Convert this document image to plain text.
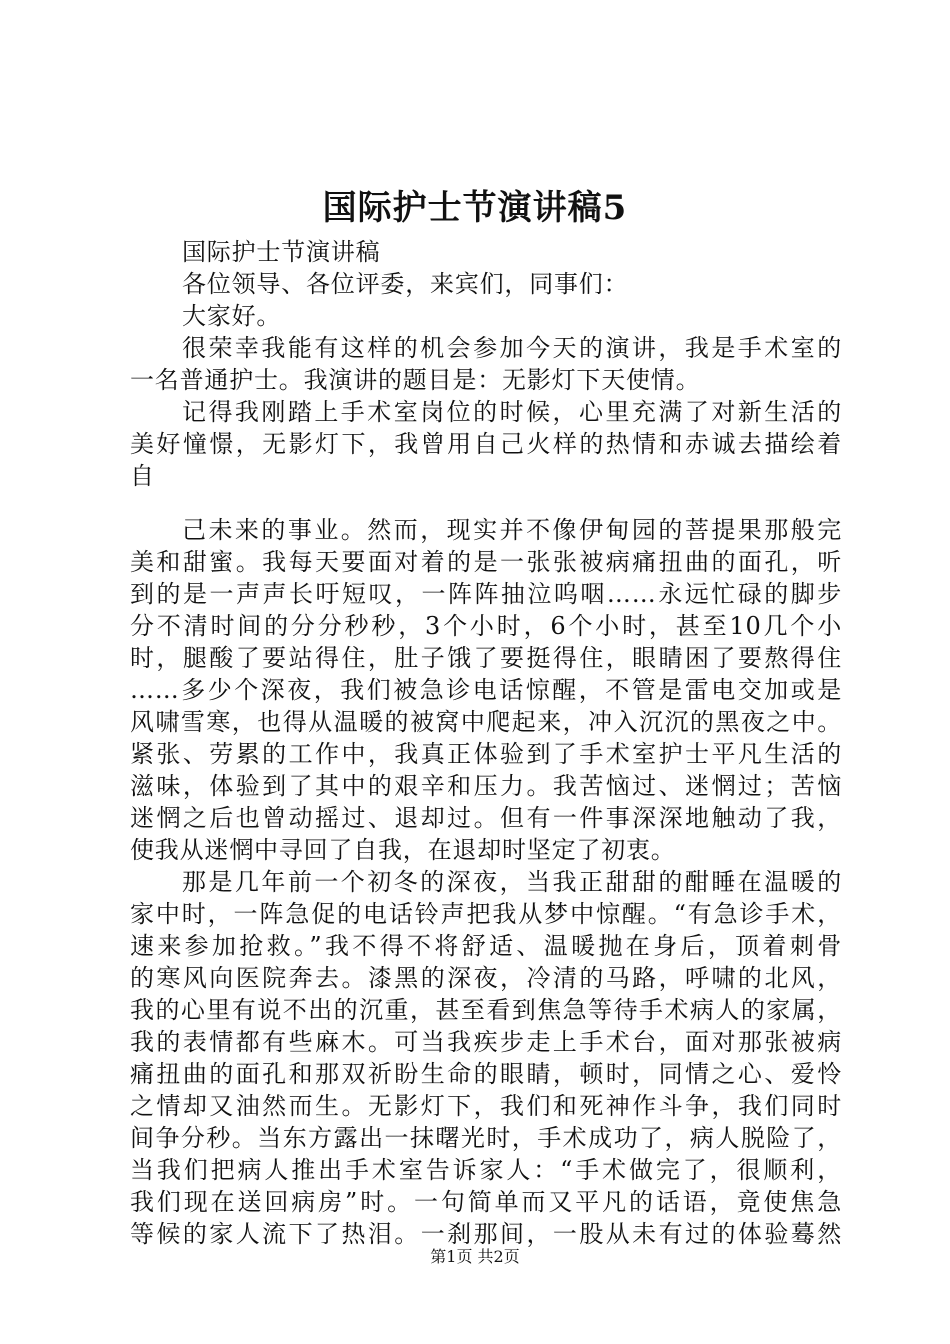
国际护士节演讲稿5
国际护士节演讲稿
各位领导、各位评委，来宾们，同事们：
大家好。
很荣幸我能有这样的机会参加今天的演讲，我是手术室的
一名普通护士。我演讲的题目是：无影灯下天使情。
记得我刚踏上手术室岗位的时候，心里充满了对新生活的
美好憧憬，无影灯下，我曾用自己火样的热情和赤诚去描绘着
自
己未来的事业。然而，现实并不像伊甸园的菩提果那般完
美和甜蜜。我每天要面对着的是一张张被病痛扭曲的面孔，听
到的是一声声长吁短叹，一阵阵抽泣呜咽……永远忙碌的脚步
分不清时间的分分秒秒，3个小时，6个小时，甚至10几个小
时，腿酸了要站得住，肚子饿了要挺得住，眼睛困了要熬得住
……多少个深夜，我们被急诊电话惊醒，不管是雷电交加或是
风啸雪寒，也得从温暖的被窝中爬起来，冲入沉沉的黑夜之中。
紧张、劳累的工作中，我真正体验到了手术室护士平凡生活的
滋味，体验到了其中的艰辛和压力。我苦恼过、迷惘过；苦恼
迷惘之后也曾动摇过、退却过。但有一件事深深地触动了我，
使我从迷惘中寻回了自我，在退却时坚定了初衷。
那是几年前一个初冬的深夜，当我正甜甜的酣睡在温暖的
家中时，一阵急促的电话铃声把我从梦中惊醒。“有急诊手术，
速来参加抢救。”我不得不将舒适、温暖抛在身后，顶着刺骨
的寒风向医院奔去。漆黑的深夜，冷清的马路，呼啸的北风，
我的心里有说不出的沉重，甚至看到焦急等待手术病人的家属，
我的表情都有些麻木。可当我疾步走上手术台，面对那张被病
痛扭曲的面孔和那双祈盼生命的眼睛，顿时，同情之心、爱怜
之情却又油然而生。无影灯下，我们和死神作斗争，我们同时
间争分秒。当东方露出一抹曙光时，手术成功了，病人脱险了，
当我们把病人推出手术室告诉家人：“手术做完了，很顺利，
我们现在送回病房”时。一句简单而又平凡的话语，竟使焦急
等候的家人流下了热泪。一刹那间，一股从未有过的体验蓦然
第1页 共2页
